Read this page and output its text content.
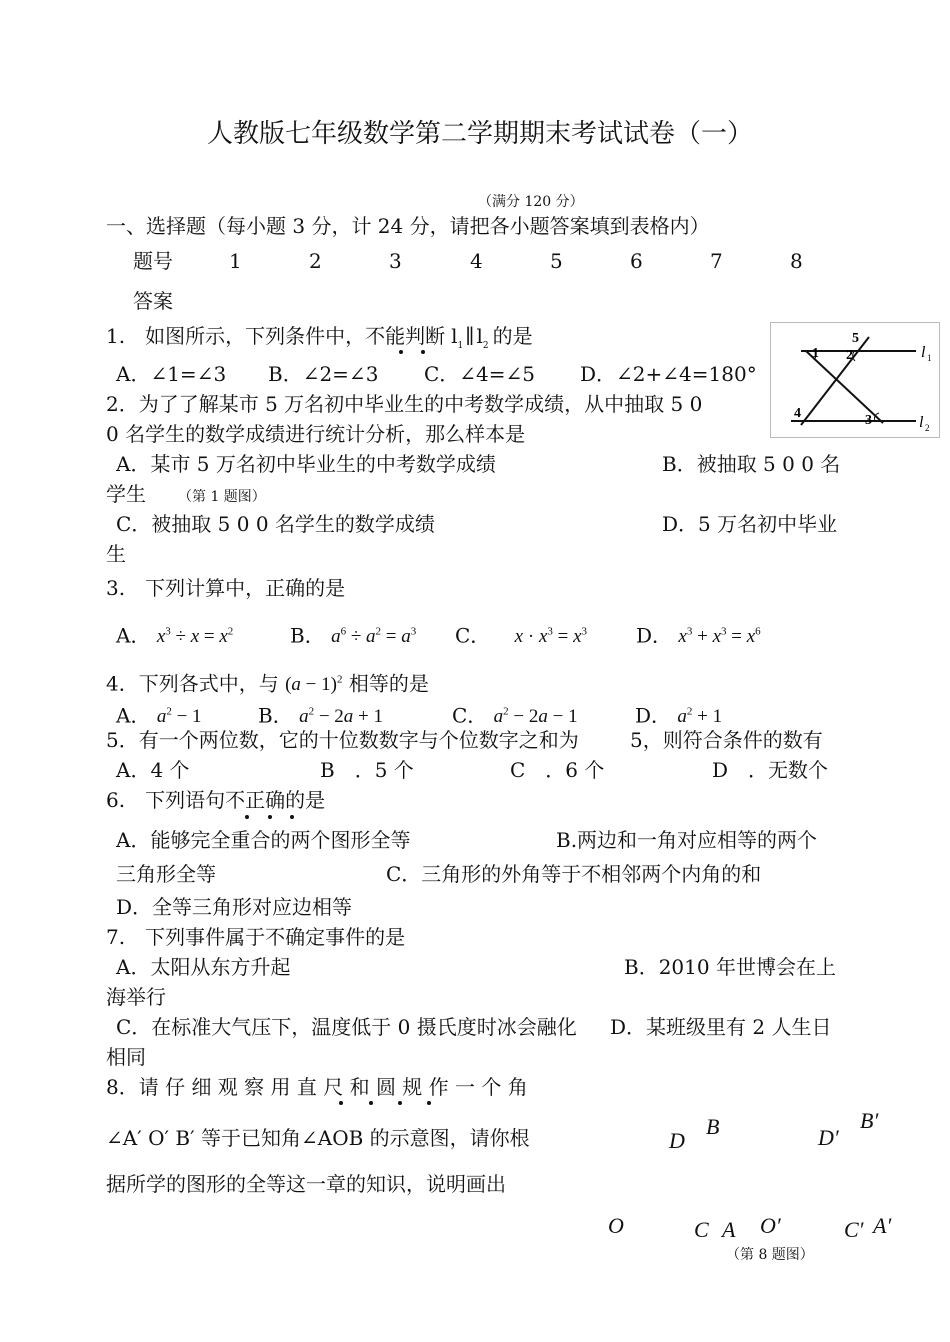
人教版七年级数学第二学期期末考试试卷（一）
（满分 120 分）
一、选择题（每小题 3 分，计 24 分，请把各小题答案填到表格内）
题号	1	2	3	4	5	6	7	8
答案
1.　如图所示，下列条件中，不能判断 $l_1$ ∥ $l_2$ 的是
A．∠1=∠3 B．∠2=∠3 C．∠4=∠5 D．∠2+∠4=180°
1 2
3
4
5
l 1
l 2
2．为了了解某市 5 万名初中毕业生的中考数学成绩，从中抽取 5 0
0 名学生的数学成绩进行统计分析，那么样本是
A．某市 5 万名初中毕业生的中考数学成绩	B．被抽取 5 0 0 名
学生 （第 1 题图）
C．被抽取 5 0 0 名学生的数学成绩	D．5 万名初中毕业
生
3.　下列计算中，正确的是
A． $x^3 \div x = x^2$	B． $a^6 \div a^2 = a^3$ C． $x \cdot x^3 = x^3$ D． $x^3 + x^3 = x^6$
4．下列各式中，与 $(a - 1)^2$ 相等的是
A． $a^2 - 1$	B． $a^2 - 2a + 1$	C． $a^2 - 2a - 1$	D． $a^2 + 1$
5．有一个两位数，它的十位数数字与个位数字之和为	5，则符合条件的数有
A．4 个	B　．5 个	C　．6 个	D　．无数个
6.　下列语句不正确的是
A．能够完全重合的两个图形全等	B.两边和一角对应相等的两个
三角形全等	C．三角形的外角等于不相邻两个内角的和
D．全等三角形对应边相等
7.　下列事件属于不确定事件的是
A．太阳从东方升起	B．2010 年世博会在上
海举行
C．在标准大气压下，温度低于 0 摄氏度时冰会融化 D．某班级里有 2 人生日
相同
8．请 仔 细 观 察 用 直 尺 和 圆 规 作 一 个 角
∠A′ O′ B′ 等于已知角∠AOB 的示意图，请你根
据所学的图形的全等这一章的知识，说明画出
D
B	D′
B′
O	C A O′	C′ A′
（第 8 题图）
